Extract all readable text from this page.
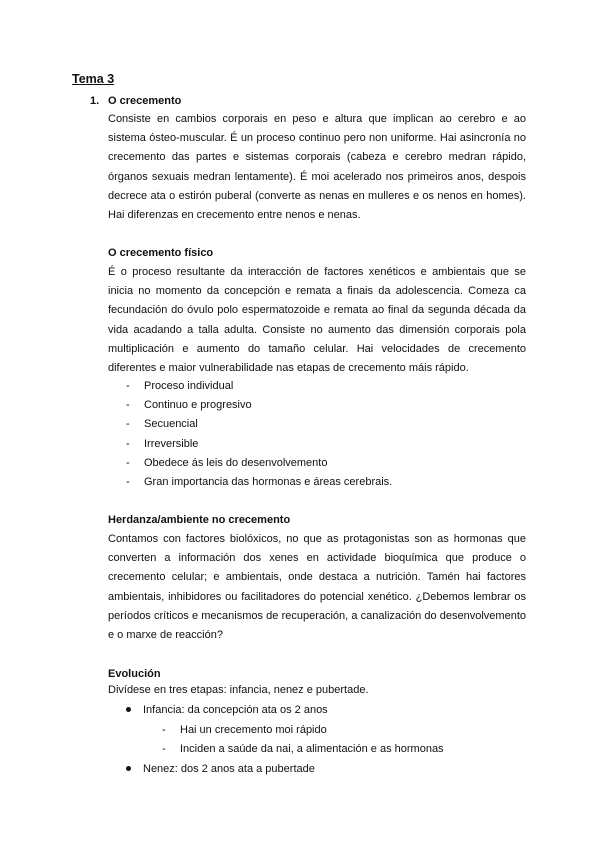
Tema 3
1. O crecemento

Consiste en cambios corporais en peso e altura que implican ao cerebro e ao sistema ósteo-muscular. É un proceso continuo pero non uniforme. Hai asincronía no crecemento das partes e sistemas corporais (cabeza e cerebro medran rápido, órganos sexuais medran lentamente). É moi acelerado nos primeiros anos, despois decrece ata o estirón puberal (converte as nenas en mulleres e os nenos en homes). Hai diferenzas en crecemento entre nenos e nenas.

O crecemento físico

É o proceso resultante da interacción de factores xenéticos e ambientais que se inicia no momento da concepción e remata a finais da adolescencia. Comeza ca fecundación do óvulo polo espermatozoide e remata ao final da segunda década da vida acadando a talla adulta. Consiste no aumento das dimensión corporais pola multiplicación e aumento do tamaño celular. Hai velocidades de crecemento diferentes e maior vulnerabilidade nas etapas de crecemento máis rápido.

- Proceso individual
- Continuo e progresivo
- Secuencial
- Irreversible
- Obedece ás leis do desenvolvemento
- Gran importancia das hormonas e áreas cerebrais.
Herdanza/ambiente no crecemento

Contamos con factores biolóxicos, no que as protagonistas son as hormonas que converten a información dos xenes en actividade bioquímica que produce o crecemento celular; e ambientais, onde destaca a nutrición. Tamén hai factores ambientais, inhibidores ou facilitadores do potencial xenético. ¿Debemos lembrar os períodos críticos e mecanismos de recuperación, a canalización do desenvolvemento e o marxe de reacción?

Evolución
Divídese en tres etapas: infancia, nenez e pubertade.
Infancia: da concepción ata os 2 anos
- Hai un crecemento moi rápido
- Inciden a saúde da nai, a alimentación e as hormonas
Nenez: dos 2 anos ata a pubertade
